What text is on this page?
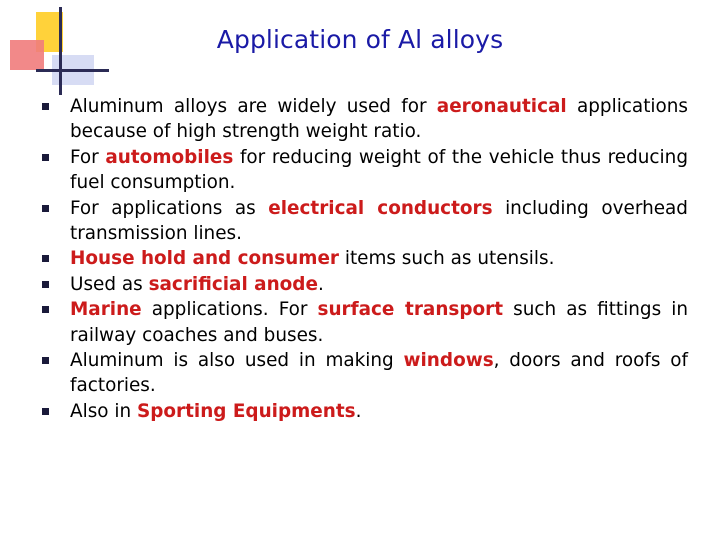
Application of Al alloys
Aluminum alloys are widely used for aeronautical applications because of high strength weight ratio.
For automobiles for reducing weight of the vehicle thus reducing fuel consumption.
For applications as electrical conductors including overhead transmission lines.
House hold and consumer items such as utensils.
Used as sacrificial anode.
Marine applications. For surface transport such as fittings in railway coaches and buses.
Aluminum is also used in making windows, doors and roofs of factories.
Also in Sporting Equipments.
